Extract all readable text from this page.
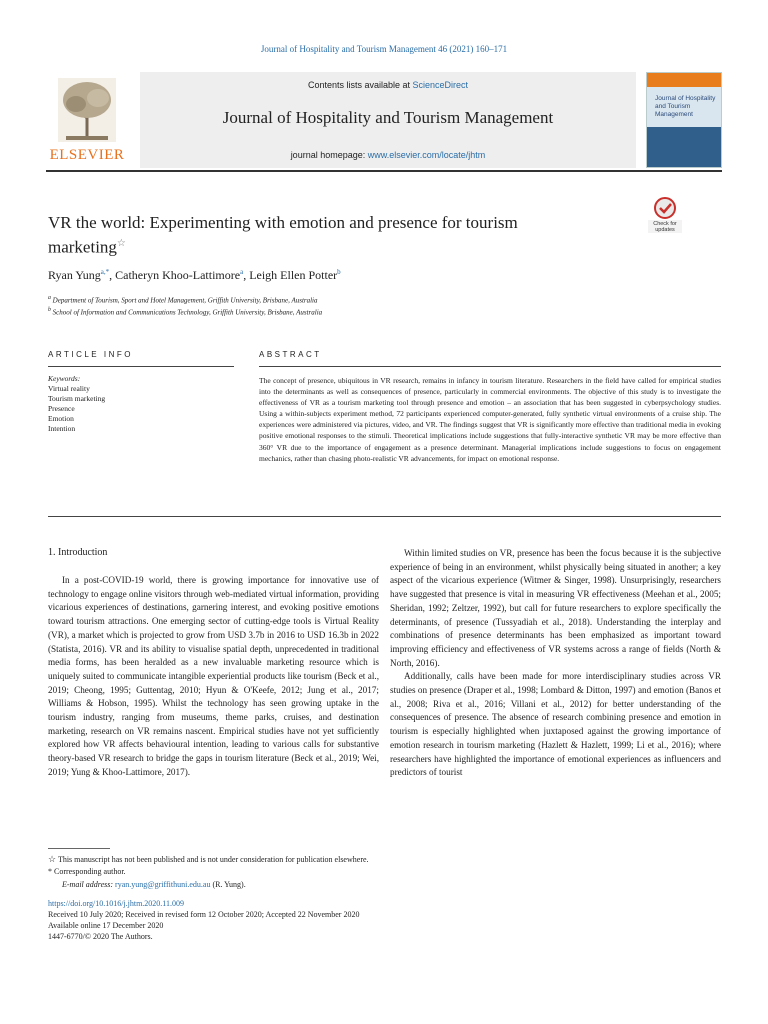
Journal of Hospitality and Tourism Management 46 (2021) 160–171
ELSEVIER
Contents lists available at ScienceDirect
Journal of Hospitality and Tourism Management
journal homepage: www.elsevier.com/locate/jhtm
Journal of Hospitality and Tourism Management
VR the world: Experimenting with emotion and presence for tourism marketing☆
Check for updates
Ryan Yung$^{a,*}$, Catheryn Khoo-Lattimore$^a$, Leigh Ellen Potter$^b$
$^a$ Department of Tourism, Sport and Hotel Management, Griffith University, Brisbane, Australia
$^b$ School of Information and Communications Technology, Griffith University, Brisbane, Australia
ARTICLE INFO	ABSTRACT
Keywords:
Virtual reality
Tourism marketing
Presence
Emotion
Intention
The concept of presence, ubiquitous in VR research, remains in infancy in tourism literature. Researchers in the field have called for empirical studies into the determinants as well as consequences of presence, particularly in commercial environments. The objective of this study is to investigate the effectiveness of VR as a tourism marketing tool through presence and emotion – an association that has been suggested in cyberpsychology studies. Using a within-subjects experiment method, 72 participants experienced computer-generated, fully synthetic virtual environments of a cruise ship. The experiences were administered via pictures, video, and VR. The findings suggest that VR is significantly more effective than traditional media in evoking positive emotional responses to the stimuli. Theoretical implications include suggestions that fully-interactive synthetic VR may be more effective than 360° VR due to the importance of engagement as a presence determinant. Managerial implications include suggestions to focus on engagement mechanics, rather than chasing photo-realistic VR advancements, for impact on emotional response.
1. Introduction

In a post-COVID-19 world, there is growing importance for innovative use of technology to engage online visitors through web-mediated virtual information, providing vicarious experiences of destinations, garnering interest, and evoking positive emotions toward tourism attractions. One emerging sector of cutting-edge tools is Virtual Reality (VR), a market which is projected to grow from USD 3.7b in 2016 to USD 16.3b in 2022 (Statista, 2016). VR and its ability to visualise spatial depth, unprecedented in traditional media forms, has been heralded as a new invaluable marketing resource which is uniquely suited to communicate intangible experiential products like tourism (Beck et al., 2019; Cheong, 1995; Guttentag, 2010; Hyun & O'Keefe, 2012; Jung et al., 2017; Williams & Hobson, 1995). Whilst the technology has seen growing uptake in the tourism industry, ranging from museums, theme parks, cruises, and destination marketing, research on VR remains nascent. Empirical studies have not yet sufficiently explored how VR affects behavioural intention, leading to various calls for substantive theory-based VR research to bridge the gaps in tourism literature (Beck et al., 2019; Wei, 2019; Yung & Khoo-Lattimore, 2017).

Within limited studies on VR, presence has been the focus because it is the subjective experience of being in an environment, whilst physically being situated in another; a key aspect of the vicarious experience (Witmer & Singer, 1998). Unsurprisingly, researchers have suggested that presence is vital in measuring VR effectiveness (Meehan et al., 2005; Sheridan, 1992; Zeltzer, 1992), but call for future researchers to explore specifically the determinants, of presence (Tussyadiah et al., 2018). Understanding the interplay and combinations of presence determinants has been emphasized as important toward improving efficiency and effectiveness of VR systems across a range of fields (North & North, 2016).

Additionally, calls have been made for more interdisciplinary studies across VR studies on presence (Draper et al., 1998; Lombard & Ditton, 1997) and emotion (Banos et al., 2008; Riva et al., 2016; Villani et al., 2012) for better understanding of the consequences of presence. The absence of research combining presence and emotion in tourism is especially highlighted when juxtaposed against the growing importance of emotion research in tourism marketing (Hazlett & Hazlett, 1999; Li et al., 2016); where researchers have highlighted the importance of emotional experiences as influencers and predictors of tourist

☆ This manuscript has not been published and is not under consideration for publication elsewhere.
* Corresponding author.
E-mail address: ryan.yung@griffithuni.edu.au (R. Yung).
https://doi.org/10.1016/j.jhtm.2020.11.009
Received 10 July 2020; Received in revised form 12 October 2020; Accepted 22 November 2020
Available online 17 December 2020
1447-6770/© 2020 The Authors.
